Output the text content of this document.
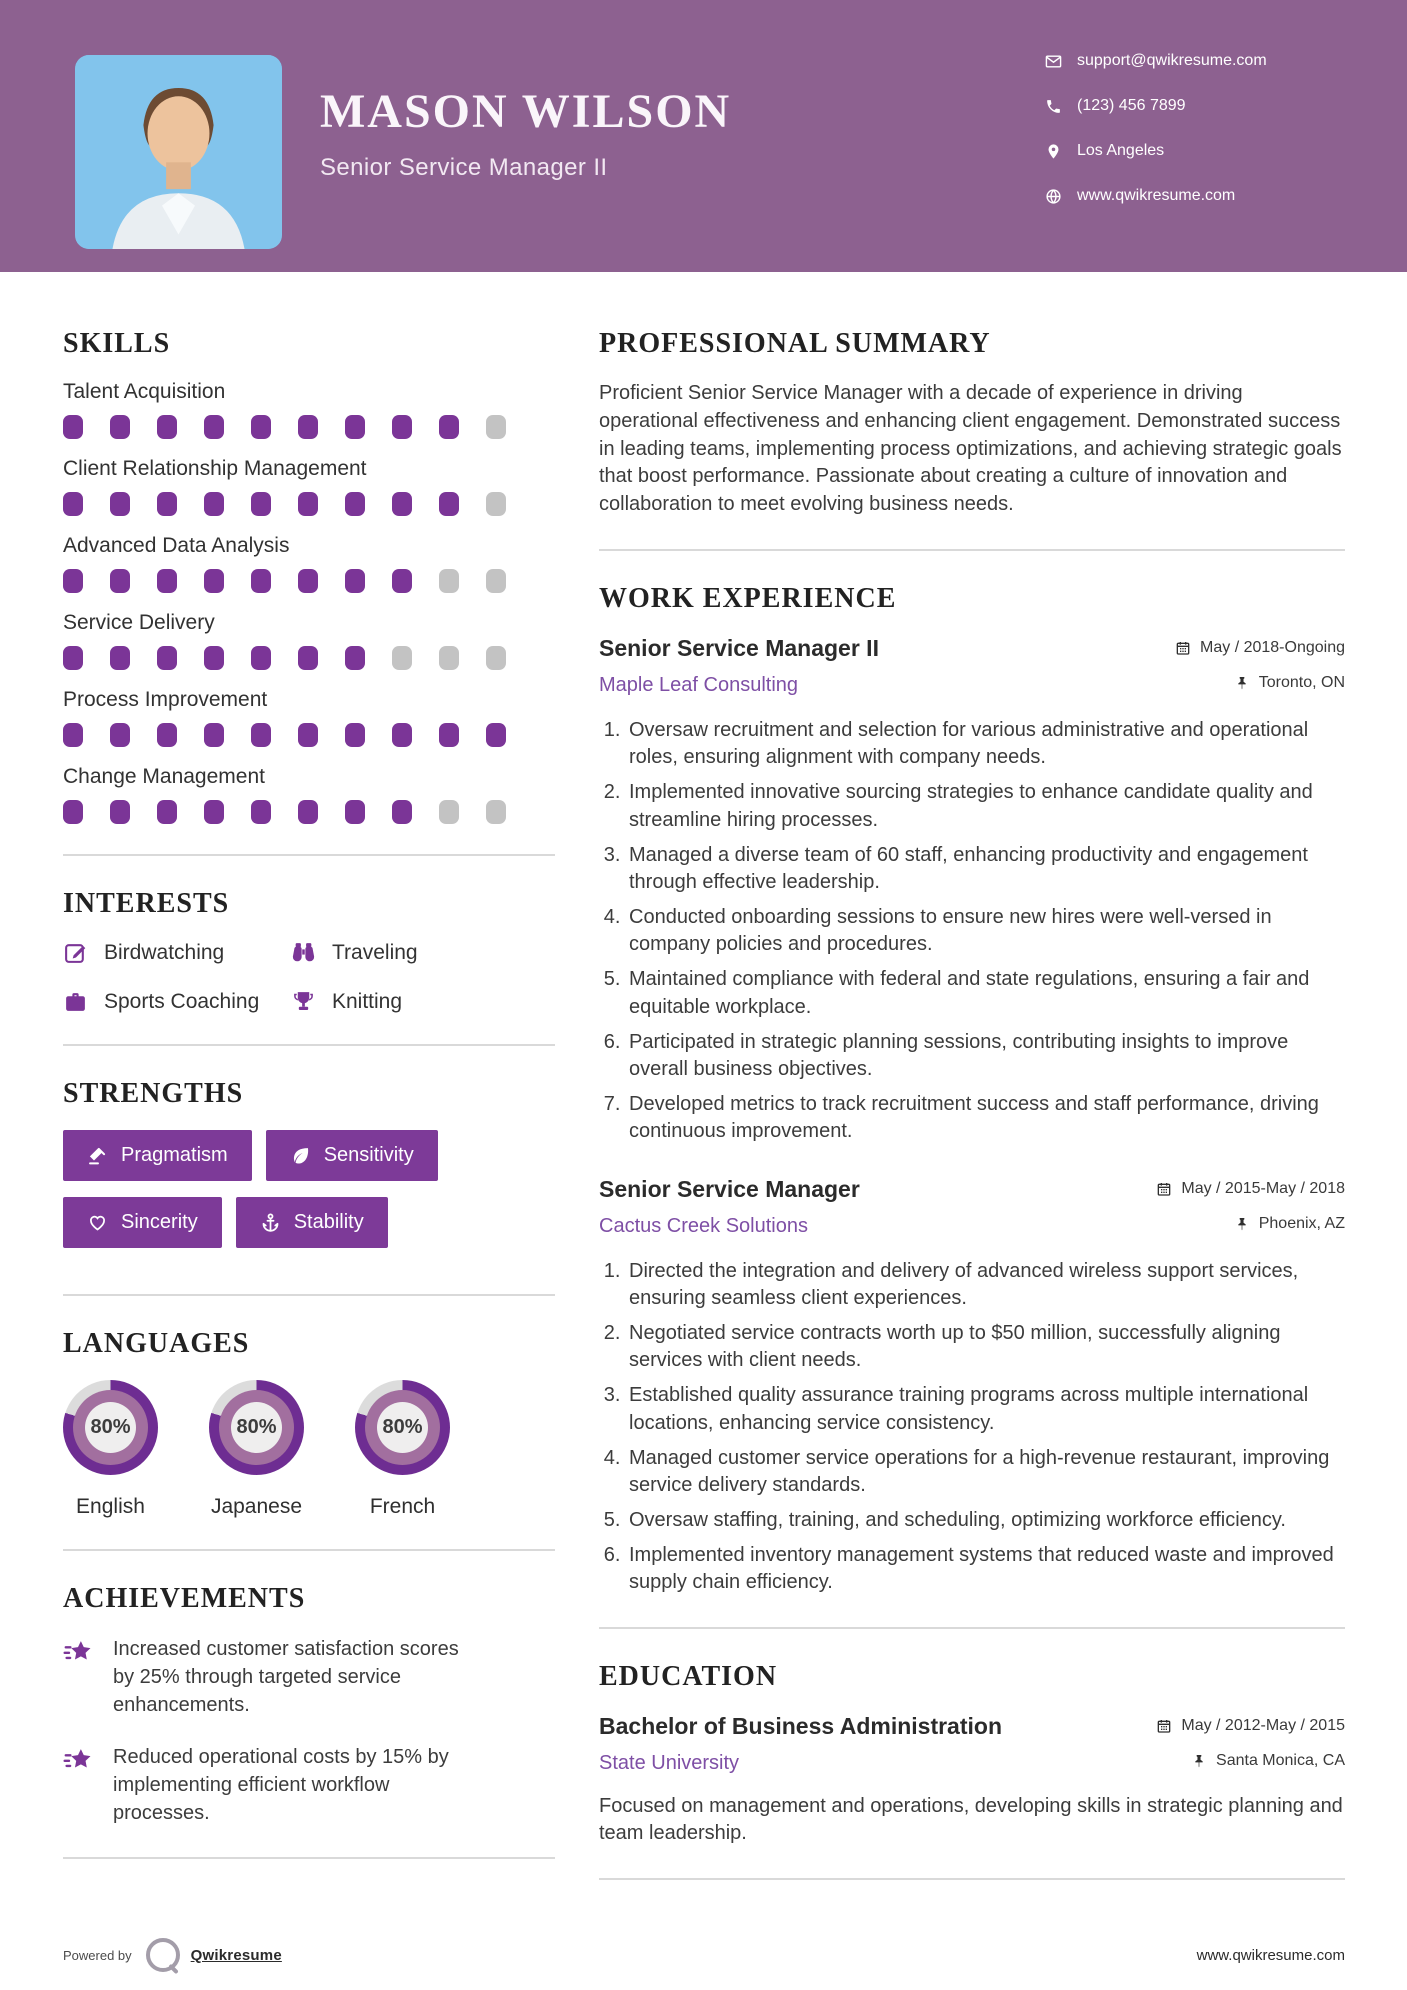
MASON WILSON
Senior Service Manager II
support@qwikresume.com
(123) 456 7899
Los Angeles
www.qwikresume.com
SKILLS
Talent Acquisition
Client Relationship Management
Advanced Data Analysis
Service Delivery
Process Improvement
Change Management
INTERESTS
Birdwatching	Traveling
Sports Coaching	Knitting
STRENGTHS
Pragmatism	Sensitivity
Sincerity	Stability
LANGUAGES
80%
English
80%
Japanese
80%
French
ACHIEVEMENTS
Increased customer satisfaction scores by 25% through targeted service enhancements.
Reduced operational costs by 15% by implementing efficient workflow processes.
PROFESSIONAL SUMMARY

Proficient Senior Service Manager with a decade of experience in driving operational effectiveness and enhancing client engagement. Demonstrated success in leading teams, implementing process optimizations, and achieving strategic goals that boost performance. Passionate about creating a culture of innovation and collaboration to meet evolving business needs.

WORK EXPERIENCE
Senior Service Manager II	May / 2018-Ongoing
Maple Leaf Consulting	Toronto, ON
1. Oversaw recruitment and selection for various administrative and operational roles, ensuring alignment with company needs.
2. Implemented innovative sourcing strategies to enhance candidate quality and streamline hiring processes.
3. Managed a diverse team of 60 staff, enhancing productivity and engagement through effective leadership.
4. Conducted onboarding sessions to ensure new hires were well-versed in company policies and procedures.
5. Maintained compliance with federal and state regulations, ensuring a fair and equitable workplace.
6. Participated in strategic planning sessions, contributing insights to improve overall business objectives.
7. Developed metrics to track recruitment success and staff performance, driving continuous improvement.
Senior Service Manager	May / 2015-May / 2018
Cactus Creek Solutions	Phoenix, AZ
1. Directed the integration and delivery of advanced wireless support services, ensuring seamless client experiences.
2. Negotiated service contracts worth up to $50 million, successfully aligning services with client needs.
3. Established quality assurance training programs across multiple international locations, enhancing service consistency.
4. Managed customer service operations for a high-revenue restaurant, improving service delivery standards.
5. Oversaw staffing, training, and scheduling, optimizing workforce efficiency.
6. Implemented inventory management systems that reduced waste and improved supply chain efficiency.
EDUCATION
Bachelor of Business Administration	May / 2012-May / 2015
State University	Santa Monica, CA

Focused on management and operations, developing skills in strategic planning and team leadership.

Powered by	Qwikresume	www.qwikresume.com
